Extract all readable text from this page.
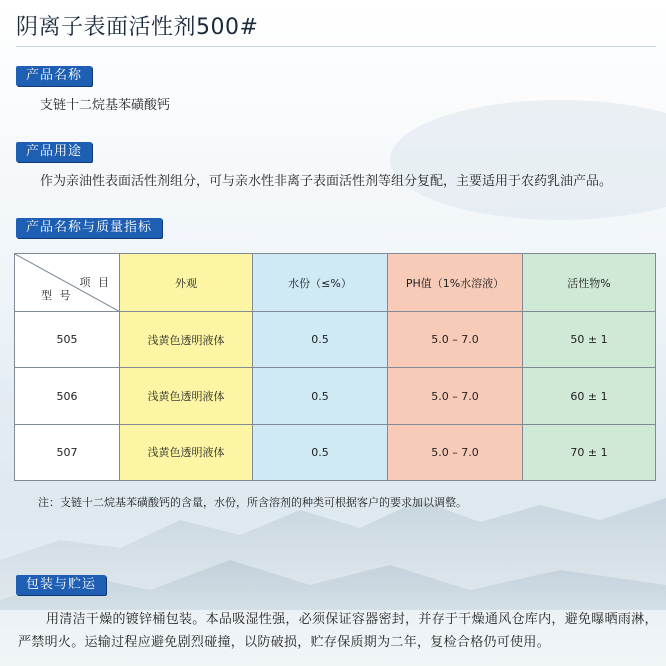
阴离子表面活性剂500#
产品名称
支链十二烷基苯磺酸钙
产品用途
作为亲油性表面活性剂组分，可与亲水性非离子表面活性剂等组分复配，主要适用于农药乳油产品。
产品名称与质量指标
项 目
型 号	外观	水份（≤%）	PH值（1%水溶液）	活性物%
505	浅黄色透明液体	0.5	5.0 – 7.0	50 ± 1
506	浅黄色透明液体	0.5	5.0 – 7.0	60 ± 1
507	浅黄色透明液体	0.5	5.0 – 7.0	70 ± 1
注：支链十二烷基苯磺酸钙的含量，水份，所含溶剂的种类可根据客户的要求加以调整。
包装与贮运
用清洁干燥的镀锌桶包装。本品吸湿性强，必须保证容器密封，并存于干燥通风仓库内，避免曝晒雨淋，严禁明火。运输过程应避免剧烈碰撞，以防破损，贮存保质期为二年，复检合格仍可使用。
